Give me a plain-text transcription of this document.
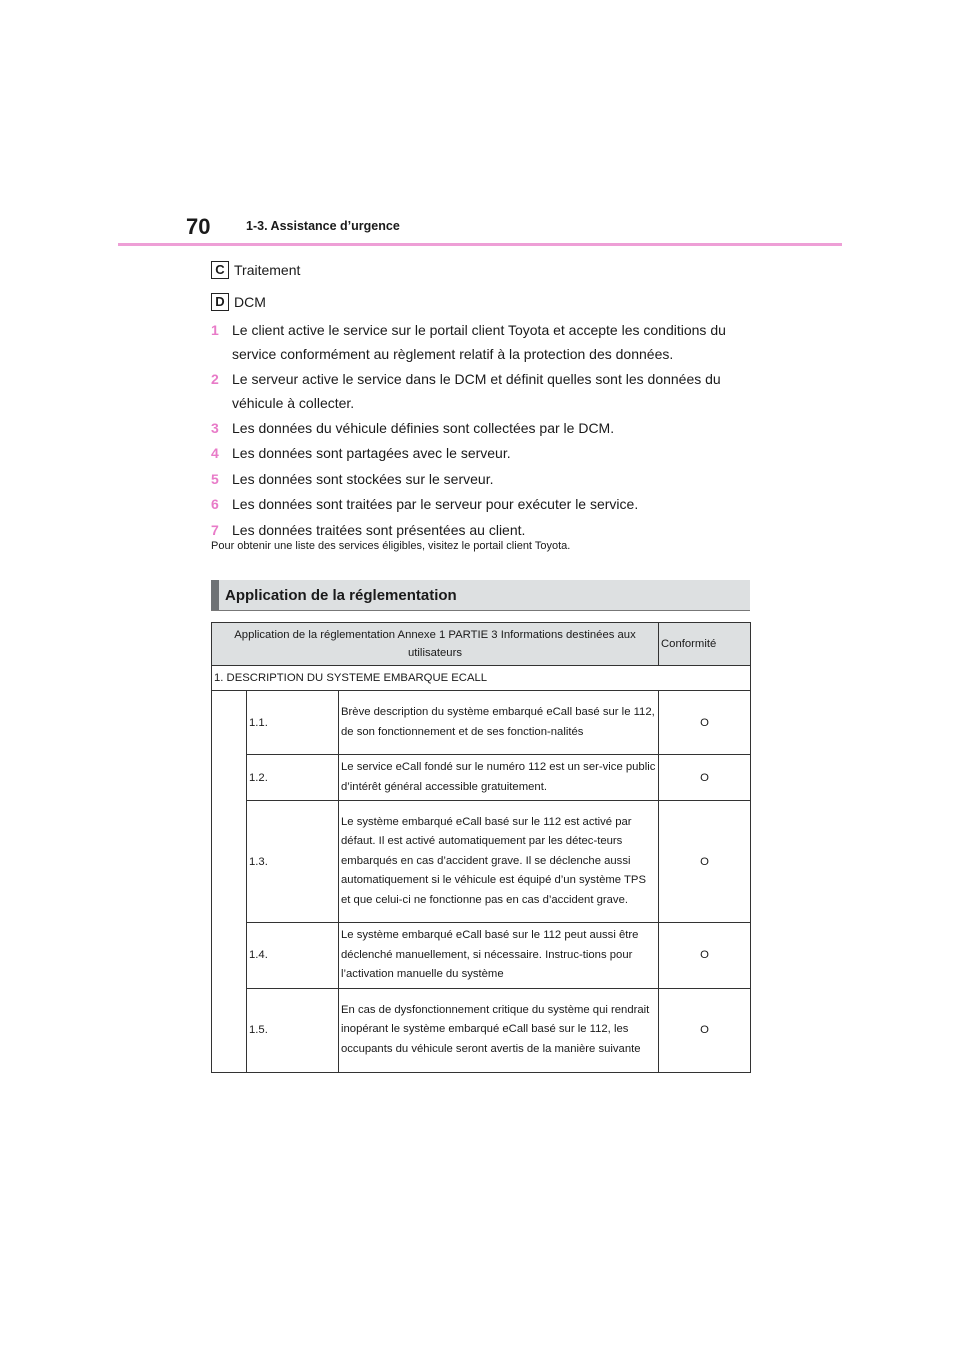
70	1-3. Assistance d’urgence
C Traitement
D DCM
1 Le client active le service sur le portail client Toyota et accepte les conditions du service conformément au règlement relatif à la protection des données.
2 Le serveur active le service dans le DCM et définit quelles sont les données du véhicule à collecter.
3 Les données du véhicule définies sont collectées par le DCM.
4 Les données sont partagées avec le serveur.
5 Les données sont stockées sur le serveur.
6 Les données sont traitées par le serveur pour exécuter le service.
7 Les données traitées sont présentées au client.
Pour obtenir une liste des services éligibles, visitez le portail client Toyota.
Application de la réglementation
Application de la réglementation Annexe 1 PARTIE 3 Informations destinées aux utilisateurs			Conformité
1. DESCRIPTION DU SYSTEME EMBARQUE ECALL			
	1.1.	Brève description du système embarqué eCall basé sur le 112, de son fonctionnement et de ses fonction-nalités	O
	1.2.	Le service eCall fondé sur le numéro 112 est un ser-vice public d’intérêt général accessible gratuitement.	O
	1.3.	Le système embarqué eCall basé sur le 112 est activé par défaut. Il est activé automatiquement par les détec-teurs embarqués en cas d’accident grave. Il se déclenche aussi automatiquement si le véhicule est équipé d’un système TPS et que celui-ci ne fonctionne pas en cas d’accident grave.	O
	1.4.	Le système embarqué eCall basé sur le 112 peut aussi être déclenché manuellement, si nécessaire. Instruc-tions pour l’activation manuelle du système	O
	1.5.	En cas de dysfonctionnement critique du système qui rendrait inopérant le système embarqué eCall basé sur le 112, les occupants du véhicule seront avertis de la manière suivante	O
